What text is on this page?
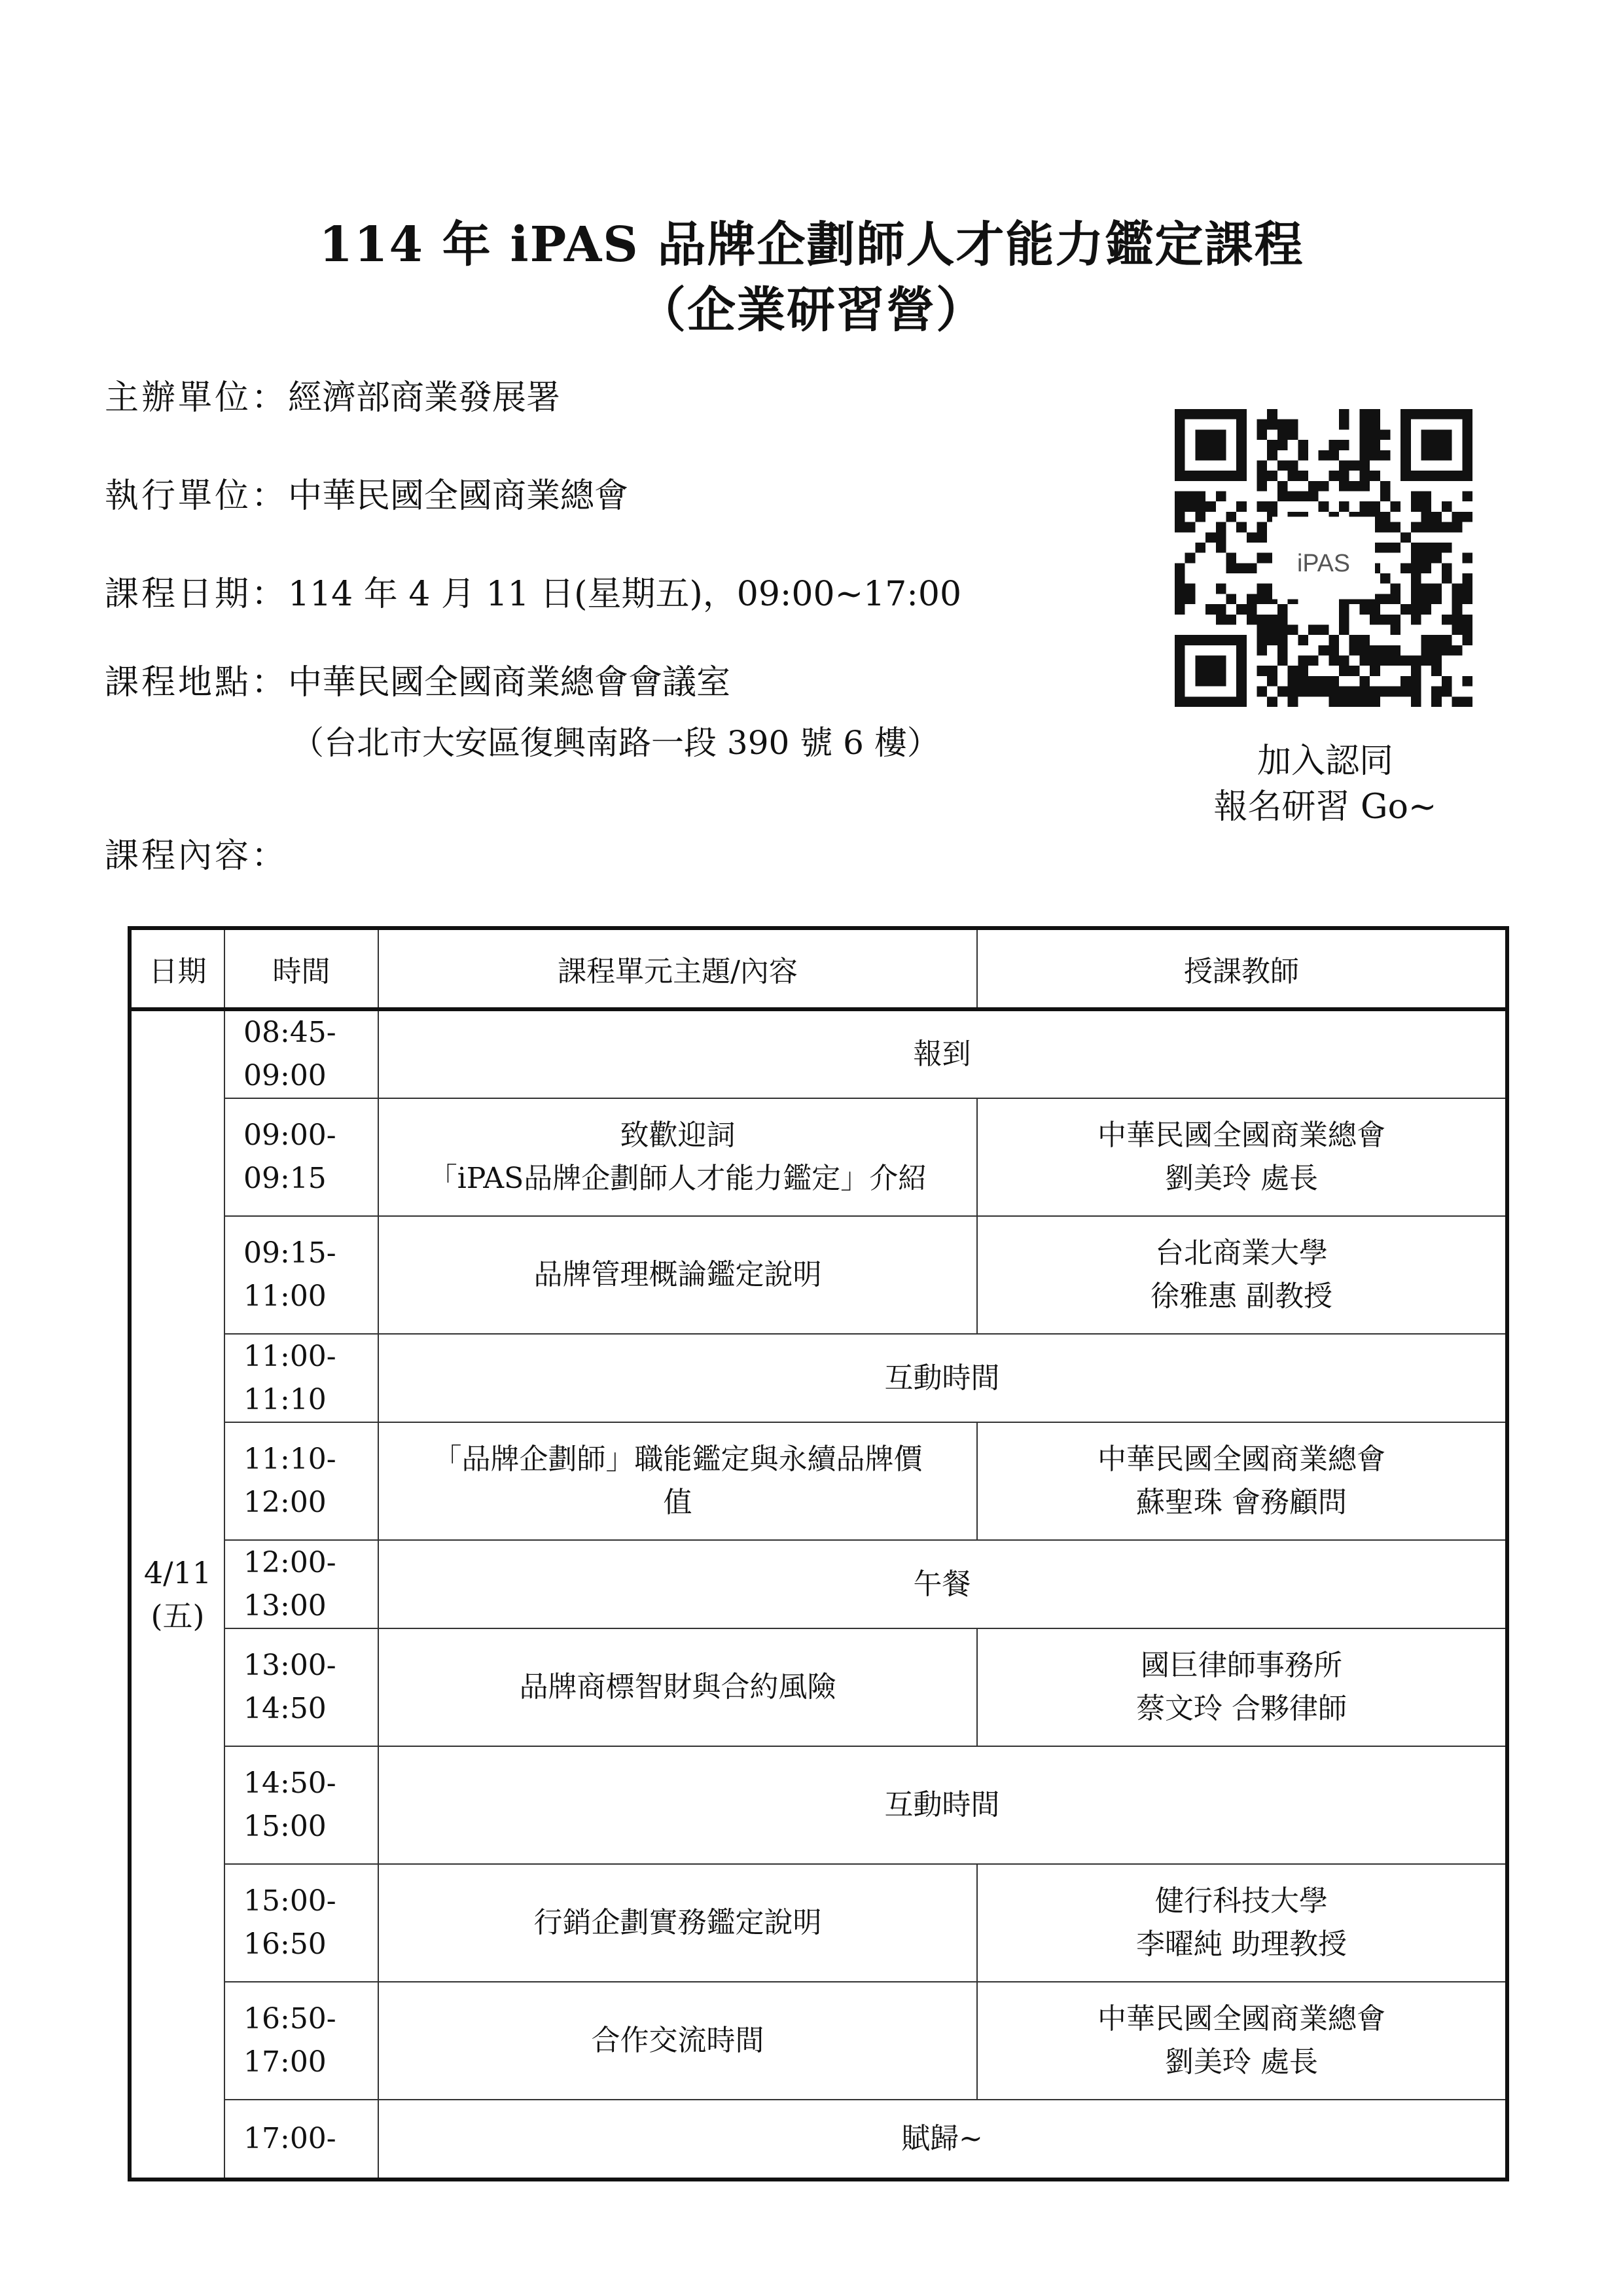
114 年 iPAS 品牌企劃師人才能力鑑定課程
（企業研習營）
主辦單位：經濟部商業發展署
執行單位：中華民國全國商業總會
課程日期：114 年 4 月 11 日(星期五)，09:00~17:00
課程地點：中華民國全國商業總會會議室
（台北市大安區復興南路一段 390 號 6 樓）
課程內容：
iPAS
加入認同
報名研習 Go~
日期	時間	課程單元主題/內容	授課教師

4/11
(五)	08:45-
09:00	報到	

	09:00-
09:15	致歡迎詞
「iPAS品牌企劃師人才能力鑑定」介紹	中華民國全國商業總會
劉美玲 處長

	09:15-
11:00	品牌管理概論鑑定說明	台北商業大學
徐雅惠 副教授

	11:00-
11:10	互動時間	

	11:10-
12:00	「品牌企劃師」職能鑑定與永續品牌價
值	中華民國全國商業總會
蘇聖珠 會務顧問

	12:00-
13:00	午餐	

	13:00-
14:50	品牌商標智財與合約風險	國巨律師事務所
蔡文玲 合夥律師

	14:50-
15:00	互動時間	

	15:00-
16:50	行銷企劃實務鑑定說明	健行科技大學
李曜純 助理教授

	16:50-
17:00	合作交流時間	中華民國全國商業總會
劉美玲 處長

	17:00-	賦歸~	
